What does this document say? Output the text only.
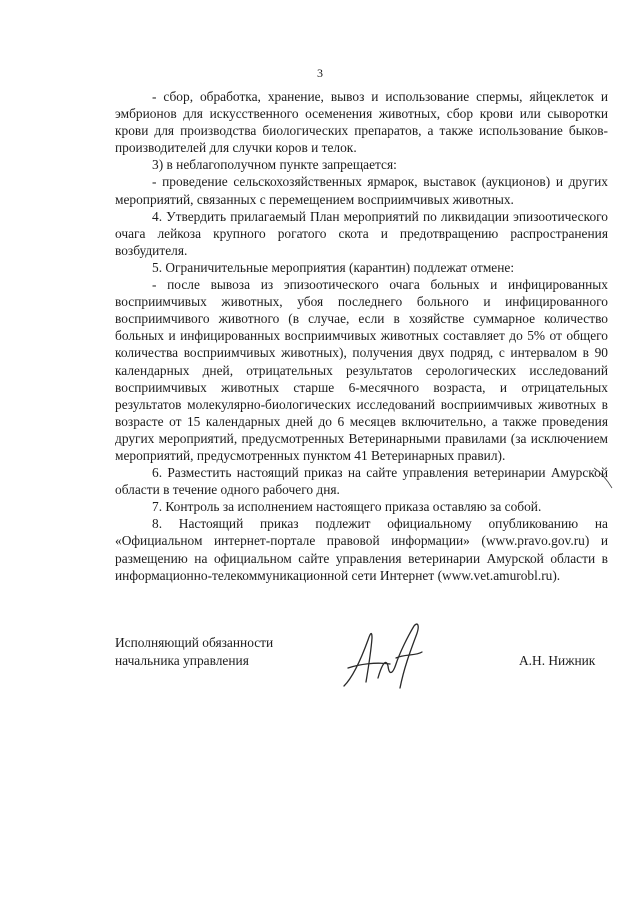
3

- сбор, обработка, хранение, вывоз и использование спермы, яйцеклеток и эмбрионов для искусственного осеменения животных, сбор крови или сыворотки крови для производства биологических препаратов, а также использование быков-производителей для случки коров и телок.

3) в неблагополучном пункте запрещается:

- проведение сельскохозяйственных ярмарок, выставок (аукционов) и других мероприятий, связанных с перемещением восприимчивых животных.

4. Утвердить прилагаемый План мероприятий по ликвидации эпизоотического очага лейкоза крупного рогатого скота и предотвращению распространения возбудителя.

5. Ограничительные мероприятия (карантин) подлежат отмене:

- после вывоза из эпизоотического очага больных и инфицированных восприимчивых животных, убоя последнего больного и инфицированного восприимчивого животного (в случае, если в хозяйстве суммарное количество больных и инфицированных восприимчивых животных составляет до 5% от общего количества восприимчивых животных), получения двух подряд, с интервалом в 90 календарных дней, отрицательных результатов серологических исследований восприимчивых животных старше 6-месячного возраста, и отрицательных результатов молекулярно-биологических исследований восприимчивых животных в возрасте от 15 календарных дней до 6 месяцев включительно, а также проведения других мероприятий, предусмотренных Ветеринарными правилами (за исключением мероприятий, предусмотренных пунктом 41 Ветеринарных правил).

6. Разместить настоящий приказ на сайте управления ветеринарии Амурской области в течение одного рабочего дня.

7. Контроль за исполнением настоящего приказа оставляю за собой.

8. Настоящий приказ подлежит официальному опубликованию на «Официальном интернет-портале правовой информации» (www.pravo.gov.ru) и размещению на официальном сайте управления ветеринарии Амурской области в информационно-телекоммуникационной сети Интернет (www.vet.amurobl.ru).

Исполняющий обязанности
начальника управления	А.Н. Нижник
